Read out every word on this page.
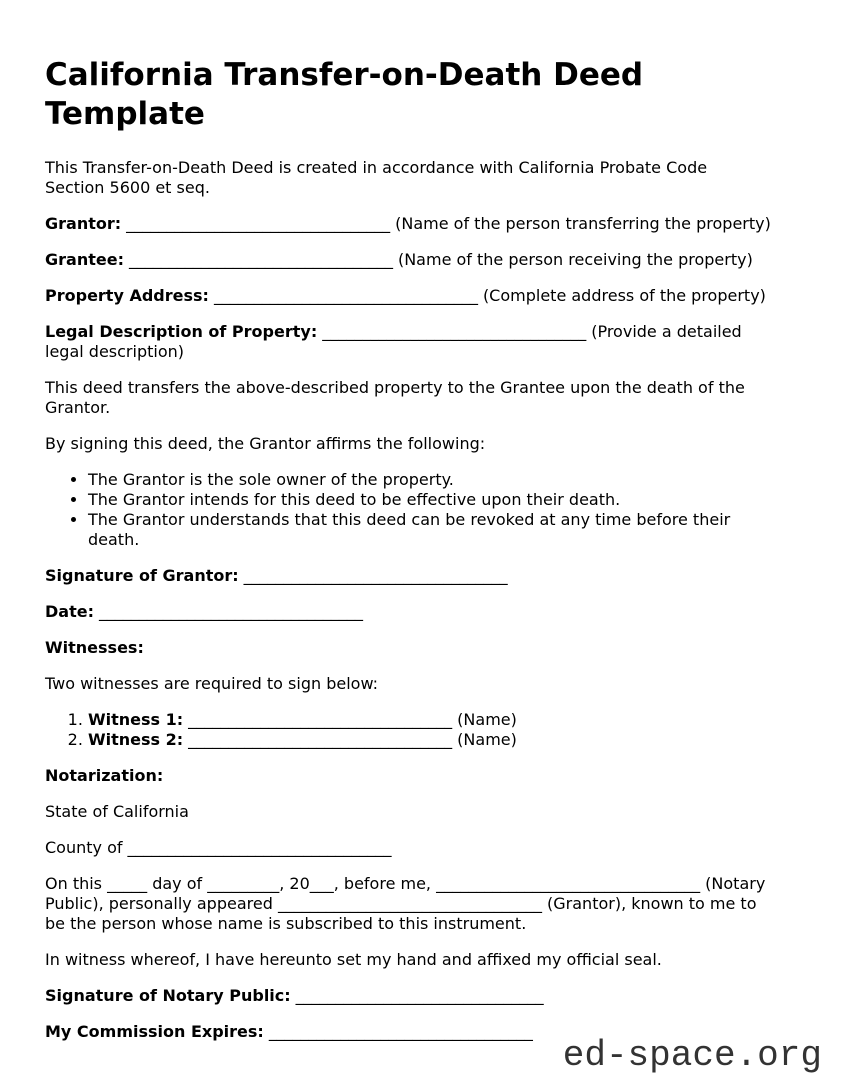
California Transfer-on-Death Deed
Template

This Transfer-on-Death Deed is created in accordance with California Probate Code
Section 5600 et seq.

Grantor: _________________________________ (Name of the person transferring the property)

Grantee: _________________________________ (Name of the person receiving the property)

Property Address: _________________________________ (Complete address of the property)

Legal Description of Property: _________________________________ (Provide a detailed
legal description)

This deed transfers the above-described property to the Grantee upon the death of the
Grantor.

By signing this deed, the Grantor affirms the following:

• The Grantor is the sole owner of the property.
• The Grantor intends for this deed to be effective upon their death.
• The Grantor understands that this deed can be revoked at any time before their
death.

Signature of Grantor: _________________________________

Date: _________________________________

Witnesses:

Two witnesses are required to sign below:

1. Witness 1: _________________________________ (Name)
2. Witness 2: _________________________________ (Name)

Notarization:

State of California

County of _________________________________

On this _____ day of _________, 20___, before me, _________________________________ (Notary
Public), personally appeared _________________________________ (Grantor), known to me to
be the person whose name is subscribed to this instrument.

In witness whereof, I have hereunto set my hand and affixed my official seal.

Signature of Notary Public: _______________________________

My Commission Expires: _________________________________

ed-space.org
